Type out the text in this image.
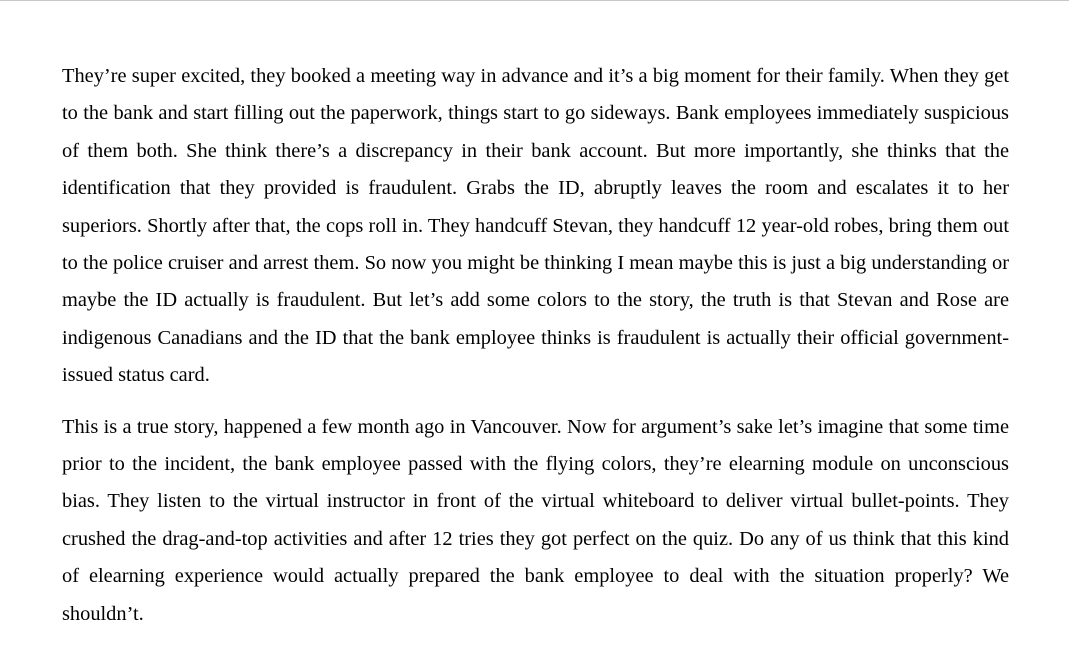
They’re super excited, they booked a meeting way in advance and it’s a big moment for their family. When they get to the bank and start filling out the paperwork, things start to go sideways. Bank employees immediately suspicious of them both. She think there’s a discrepancy in their bank account. But more importantly, she thinks that the identification that they provided is fraudulent. Grabs the ID, abruptly leaves the room and escalates it to her superiors. Shortly after that, the cops roll in. They handcuff Stevan, they handcuff 12 year-old robes, bring them out to the police cruiser and arrest them. So now you might be thinking I mean maybe this is just a big understanding or maybe the ID actually is fraudulent. But let’s add some colors to the story, the truth is that Stevan and Rose are indigenous Canadians and the ID that the bank employee thinks is fraudulent is actually their official government-issued status card.

This is a true story, happened a few month ago in Vancouver. Now for argument’s sake let’s imagine that some time prior to the incident, the bank employee passed with the flying colors, they’re elearning module on unconscious bias. They listen to the virtual instructor in front of the virtual whiteboard to deliver virtual bullet-points. They crushed the drag-and-top activities and after 12 tries they got perfect on the quiz. Do any of us think that this kind of elearning experience would actually prepared the bank employee to deal with the situation properly? We shouldn’t.
